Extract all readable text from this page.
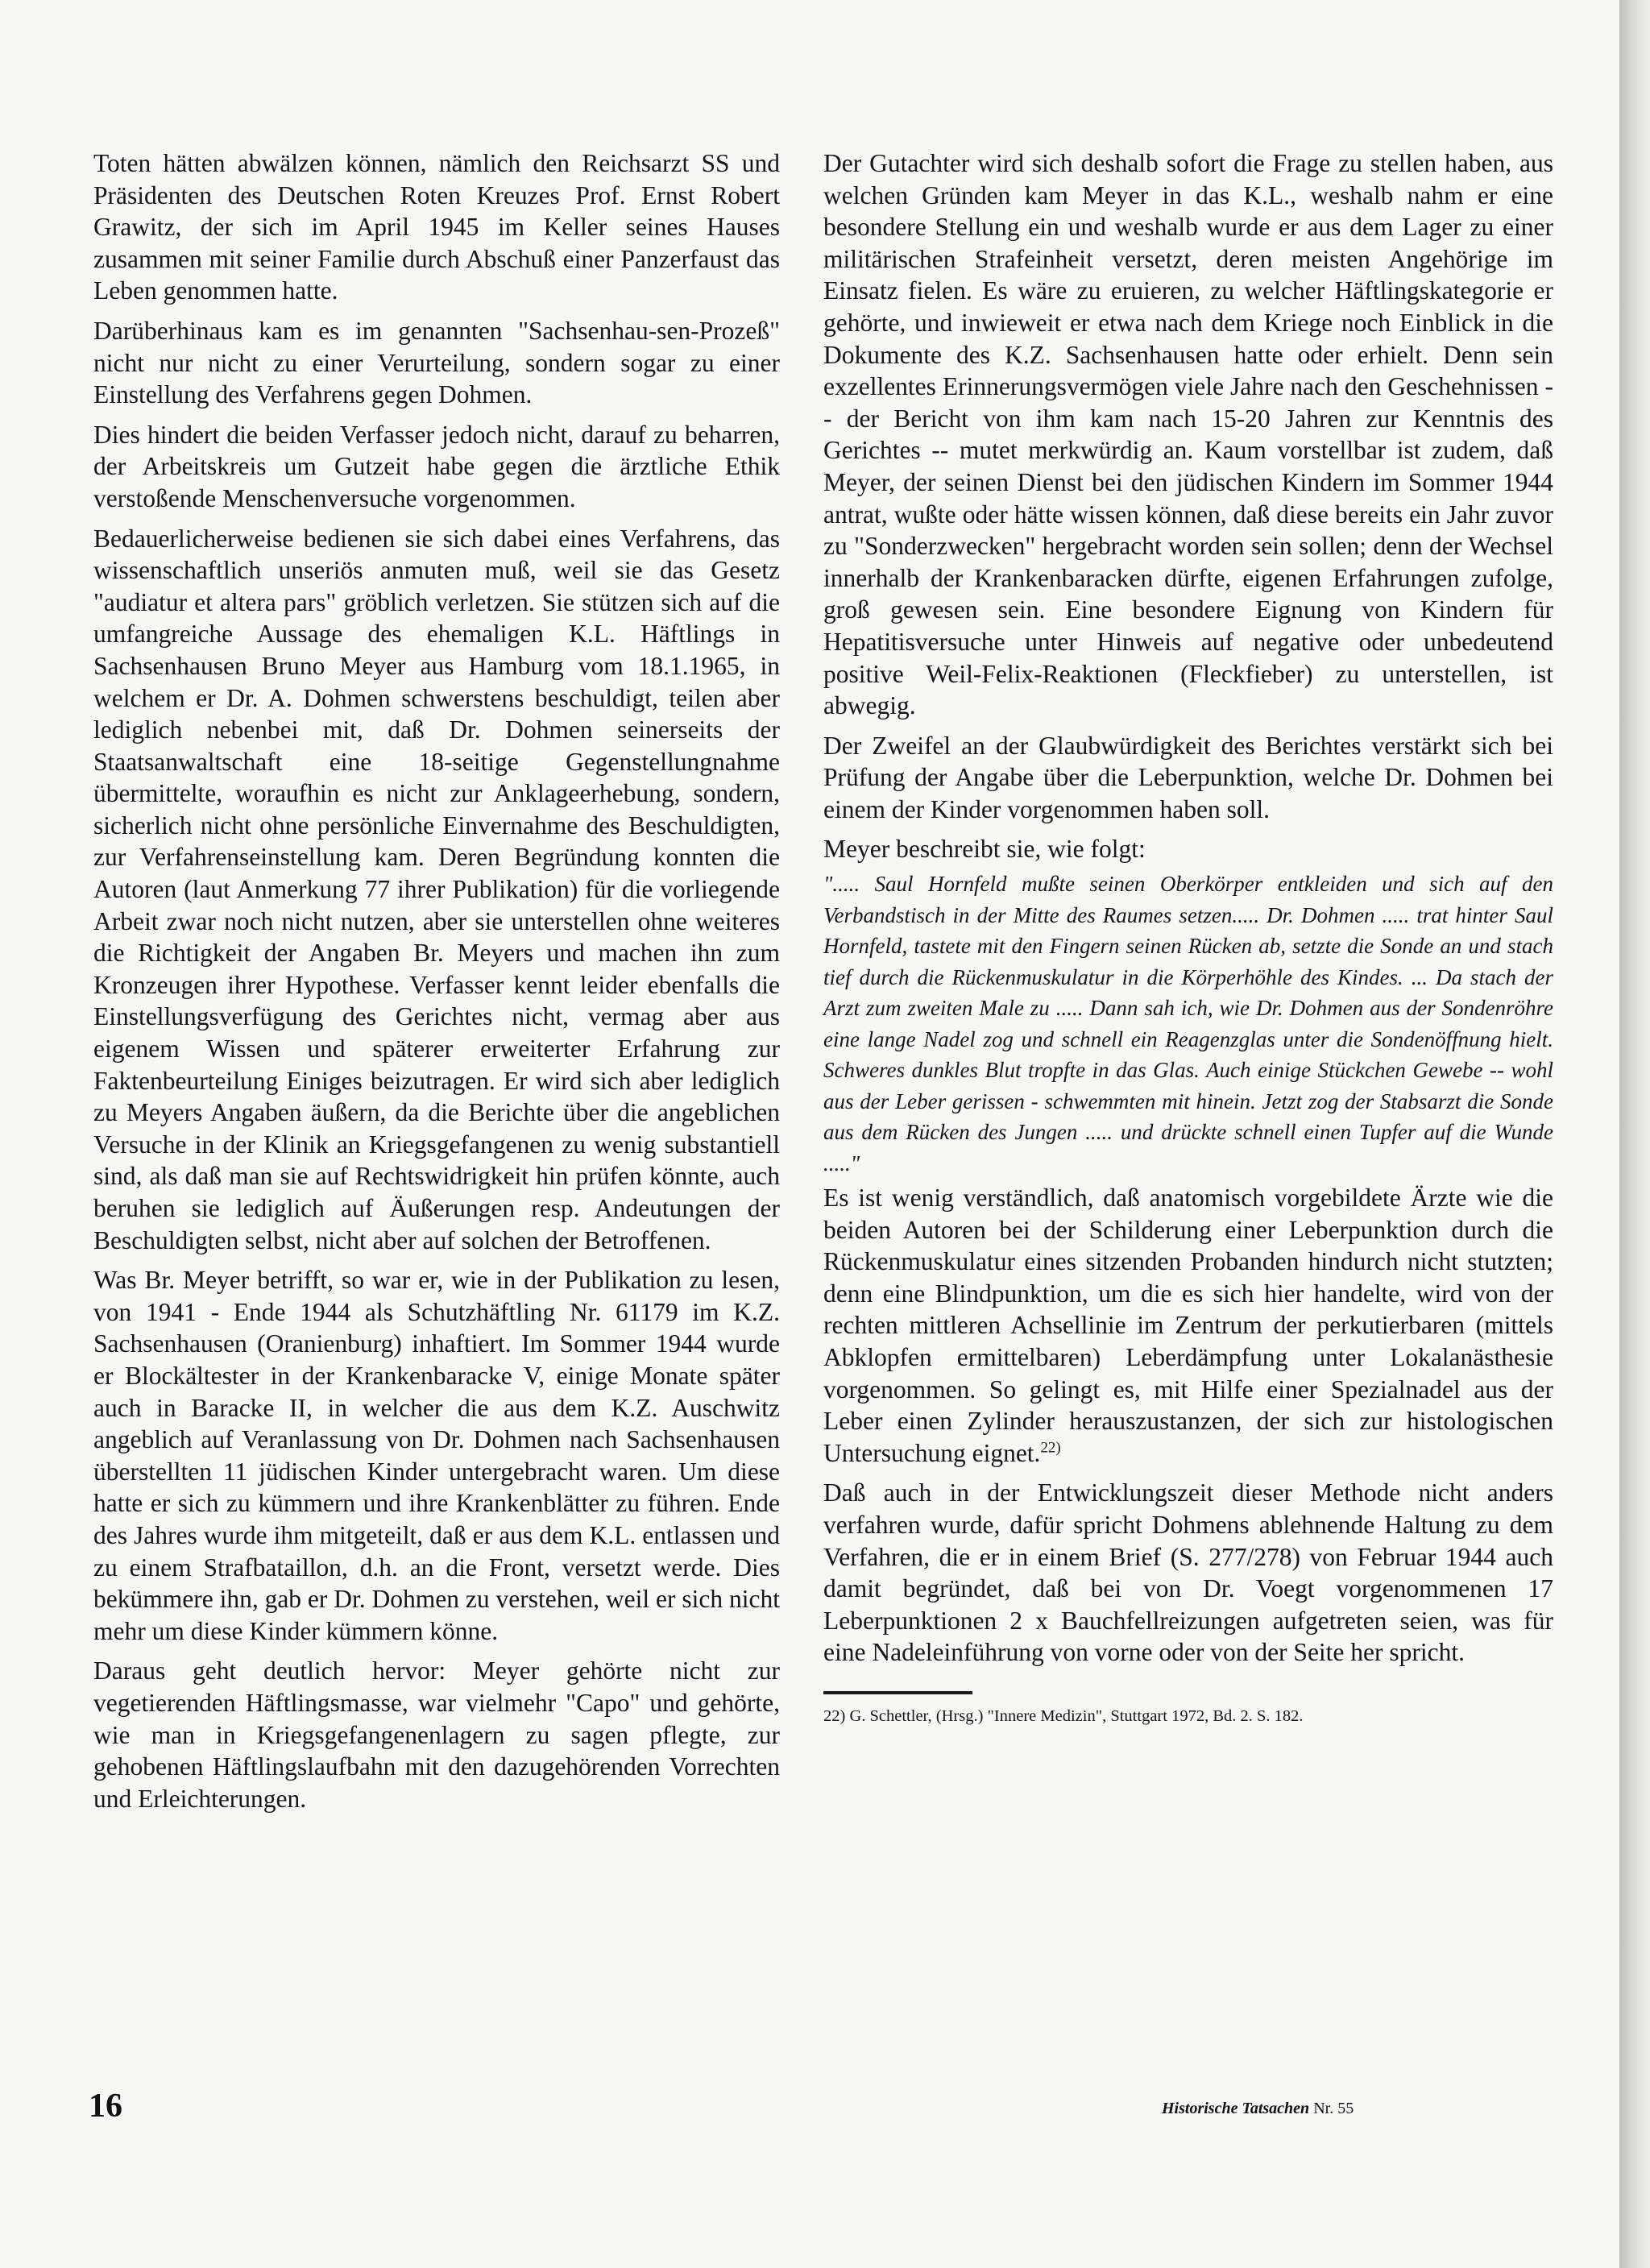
Toten hätten abwälzen können, nämlich den Reichsarzt SS und Präsidenten des Deutschen Roten Kreuzes Prof. Ernst Robert Grawitz, der sich im April 1945 im Keller seines Hauses zusammen mit seiner Familie durch Abschuß einer Panzerfaust das Leben genommen hatte.

Darüberhinaus kam es im genannten "Sachsenhau-sen-Prozeß" nicht nur nicht zu einer Verurteilung, sondern sogar zu einer Einstellung des Verfahrens gegen Dohmen.

Dies hindert die beiden Verfasser jedoch nicht, darauf zu beharren, der Arbeitskreis um Gutzeit habe gegen die ärztliche Ethik verstoßende Menschenversuche vorgenommen.

Bedauerlicherweise bedienen sie sich dabei eines Verfahrens, das wissenschaftlich unseriös anmuten muß, weil sie das Gesetz "audiatur et altera pars" gröblich verletzen. Sie stützen sich auf die umfangreiche Aussage des ehemaligen K.L. Häftlings in Sachsenhausen Bruno Meyer aus Hamburg vom 18.1.1965, in welchem er Dr. A. Dohmen schwerstens beschuldigt, teilen aber lediglich nebenbei mit, daß Dr. Dohmen seinerseits der Staatsanwaltschaft eine 18-seitige Gegenstellungnahme übermittelte, woraufhin es nicht zur Anklageerhebung, sondern, sicherlich nicht ohne persönliche Einvernahme des Beschuldigten, zur Verfahrenseinstellung kam. Deren Begründung konnten die Autoren (laut Anmerkung 77 ihrer Publikation) für die vorliegende Arbeit zwar noch nicht nutzen, aber sie unterstellen ohne weiteres die Richtigkeit der Angaben Br. Meyers und machen ihn zum Kronzeugen ihrer Hypothese. Verfasser kennt leider ebenfalls die Einstellungsverfügung des Gerichtes nicht, vermag aber aus eigenem Wissen und späterer erweiterter Erfahrung zur Faktenbeurteilung Einiges beizutragen. Er wird sich aber lediglich zu Meyers Angaben äußern, da die Berichte über die angeblichen Versuche in der Klinik an Kriegsgefangenen zu wenig substantiell sind, als daß man sie auf Rechtswidrigkeit hin prüfen könnte, auch beruhen sie lediglich auf Äußerungen resp. Andeutungen der Beschuldigten selbst, nicht aber auf solchen der Betroffenen.

Was Br. Meyer betrifft, so war er, wie in der Publikation zu lesen, von 1941 - Ende 1944 als Schutzhäftling Nr. 61179 im K.Z. Sachsenhausen (Oranienburg) inhaftiert. Im Sommer 1944 wurde er Blockältester in der Krankenbaracke V, einige Monate später auch in Baracke II, in welcher die aus dem K.Z. Auschwitz angeblich auf Veranlassung von Dr. Dohmen nach Sachsenhausen überstellten 11 jüdischen Kinder untergebracht waren. Um diese hatte er sich zu kümmern und ihre Krankenblätter zu führen. Ende des Jahres wurde ihm mitgeteilt, daß er aus dem K.L. entlassen und zu einem Strafbataillon, d.h. an die Front, versetzt werde. Dies bekümmere ihn, gab er Dr. Dohmen zu verstehen, weil er sich nicht mehr um diese Kinder kümmern könne.

Daraus geht deutlich hervor: Meyer gehörte nicht zur vegetierenden Häftlingsmasse, war vielmehr "Capo" und gehörte, wie man in Kriegsgefangenenlagern zu sagen pflegte, zur gehobenen Häftlingslaufbahn mit den dazugehörenden Vorrechten und Erleichterungen.

Der Gutachter wird sich deshalb sofort die Frage zu stellen haben, aus welchen Gründen kam Meyer in das K.L., weshalb nahm er eine besondere Stellung ein und weshalb wurde er aus dem Lager zu einer militärischen Strafeinheit versetzt, deren meisten Angehörige im Einsatz fielen. Es wäre zu eruieren, zu welcher Häftlingskategorie er gehörte, und inwieweit er etwa nach dem Kriege noch Einblick in die Dokumente des K.Z. Sachsenhausen hatte oder erhielt. Denn sein exzellentes Erinnerungsvermögen viele Jahre nach den Geschehnissen -- der Bericht von ihm kam nach 15-20 Jahren zur Kenntnis des Gerichtes -- mutet merkwürdig an. Kaum vorstellbar ist zudem, daß Meyer, der seinen Dienst bei den jüdischen Kindern im Sommer 1944 antrat, wußte oder hätte wissen können, daß diese bereits ein Jahr zuvor zu "Sonderzwecken" hergebracht worden sein sollen; denn der Wechsel innerhalb der Krankenbaracken dürfte, eigenen Erfahrungen zufolge, groß gewesen sein. Eine besondere Eignung von Kindern für Hepatitisversuche unter Hinweis auf negative oder unbedeutend positive Weil-Felix-Reaktionen (Fleckfieber) zu unterstellen, ist abwegig.

Der Zweifel an der Glaubwürdigkeit des Berichtes verstärkt sich bei Prüfung der Angabe über die Leberpunktion, welche Dr. Dohmen bei einem der Kinder vorgenommen haben soll.

Meyer beschreibt sie, wie folgt:

"..... Saul Hornfeld mußte seinen Oberkörper entkleiden und sich auf den Verbandstisch in der Mitte des Raumes setzen..... Dr. Dohmen ..... trat hinter Saul Hornfeld, tastete mit den Fingern seinen Rücken ab, setzte die Sonde an und stach tief durch die Rückenmuskulatur in die Körperhöhle des Kindes. ... Da stach der Arzt zum zweiten Male zu ..... Dann sah ich, wie Dr. Dohmen aus der Sondenröhre eine lange Nadel zog und schnell ein Reagenzglas unter die Sondenöffnung hielt. Schweres dunkles Blut tropfte in das Glas. Auch einige Stückchen Gewebe -- wohl aus der Leber gerissen - schwemmten mit hinein. Jetzt zog der Stabsarzt die Sonde aus dem Rücken des Jungen ..... und drückte schnell einen Tupfer auf die Wunde ....."

Es ist wenig verständlich, daß anatomisch vorgebildete Ärzte wie die beiden Autoren bei der Schilderung einer Leberpunktion durch die Rückenmuskulatur eines sitzenden Probanden hindurch nicht stutzten; denn eine Blindpunktion, um die es sich hier handelte, wird von der rechten mittleren Achsellinie im Zentrum der perkutierbaren (mittels Abklopfen ermittelbaren) Leberdämpfung unter Lokalanästhesie vorgenommen. So gelingt es, mit Hilfe einer Spezialnadel aus der Leber einen Zylinder herauszustanzen, der sich zur histologischen Untersuchung eignet.$^{22)}$

Daß auch in der Entwicklungszeit dieser Methode nicht anders verfahren wurde, dafür spricht Dohmens ablehnende Haltung zu dem Verfahren, die er in einem Brief (S. 277/278) von Februar 1944 auch damit begründet, daß bei von Dr. Voegt vorgenommenen 17 Leberpunktionen 2 x Bauchfellreizungen aufgetreten seien, was für eine Nadeleinführung von vorne oder von der Seite her spricht.

22) G. Schettler, (Hrsg.) "Innere Medizin", Stuttgart 1972, Bd. 2. S. 182.

16	Historische Tatsachen Nr. 55
